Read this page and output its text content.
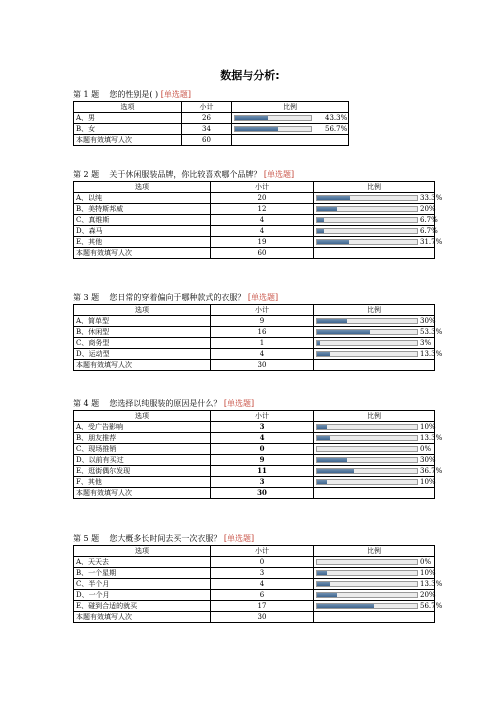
数据与分析:
第 1 题 您的性别是( ) [单选题]
选项	小计	比例
A、男	26	43.3%

B、女	34	56.7%

本题有效填写人次	60	
第 2 题 关于休闲服装品牌，你比较喜欢哪个品牌？ [单选题]
选项	小计	比例
A、以纯	20	33.3%

B、美特斯邦威	12	20%

C、真维斯	4	6.7%

D、森马	4	6.7%

E、其他	19	31.7%

本题有效填写人次	60	
第 3 题 您日常的穿着偏向于哪种款式的衣服？ [单选题]
选项	小计	比例
A、简单型	9	30%

B、休闲型	16	53.3%

C、商务型	1	3%

D、运动型	4	13.3%

本题有效填写人次	30	
第 4 题 您选择以纯服装的原因是什么？ [单选题]
选项	小计	比例
A、受广告影响	3	10%

B、朋友推荐	4	13.3%

C、现场推销	0	0%

D、以前有买过	9	30%

E、逛街偶尔发现	11	36.7%

F、其他	3	10%

本题有效填写人次	30	
第 5 题 您大概多长时间去买一次衣服？ [单选题]
选项	小计	比例
A、天天去	0	0%

B、一个星期	3	10%

C、半个月	4	13.3%

D、一个月	6	20%

E、碰到合适的就买	17	56.7%

本题有效填写人次	30	
